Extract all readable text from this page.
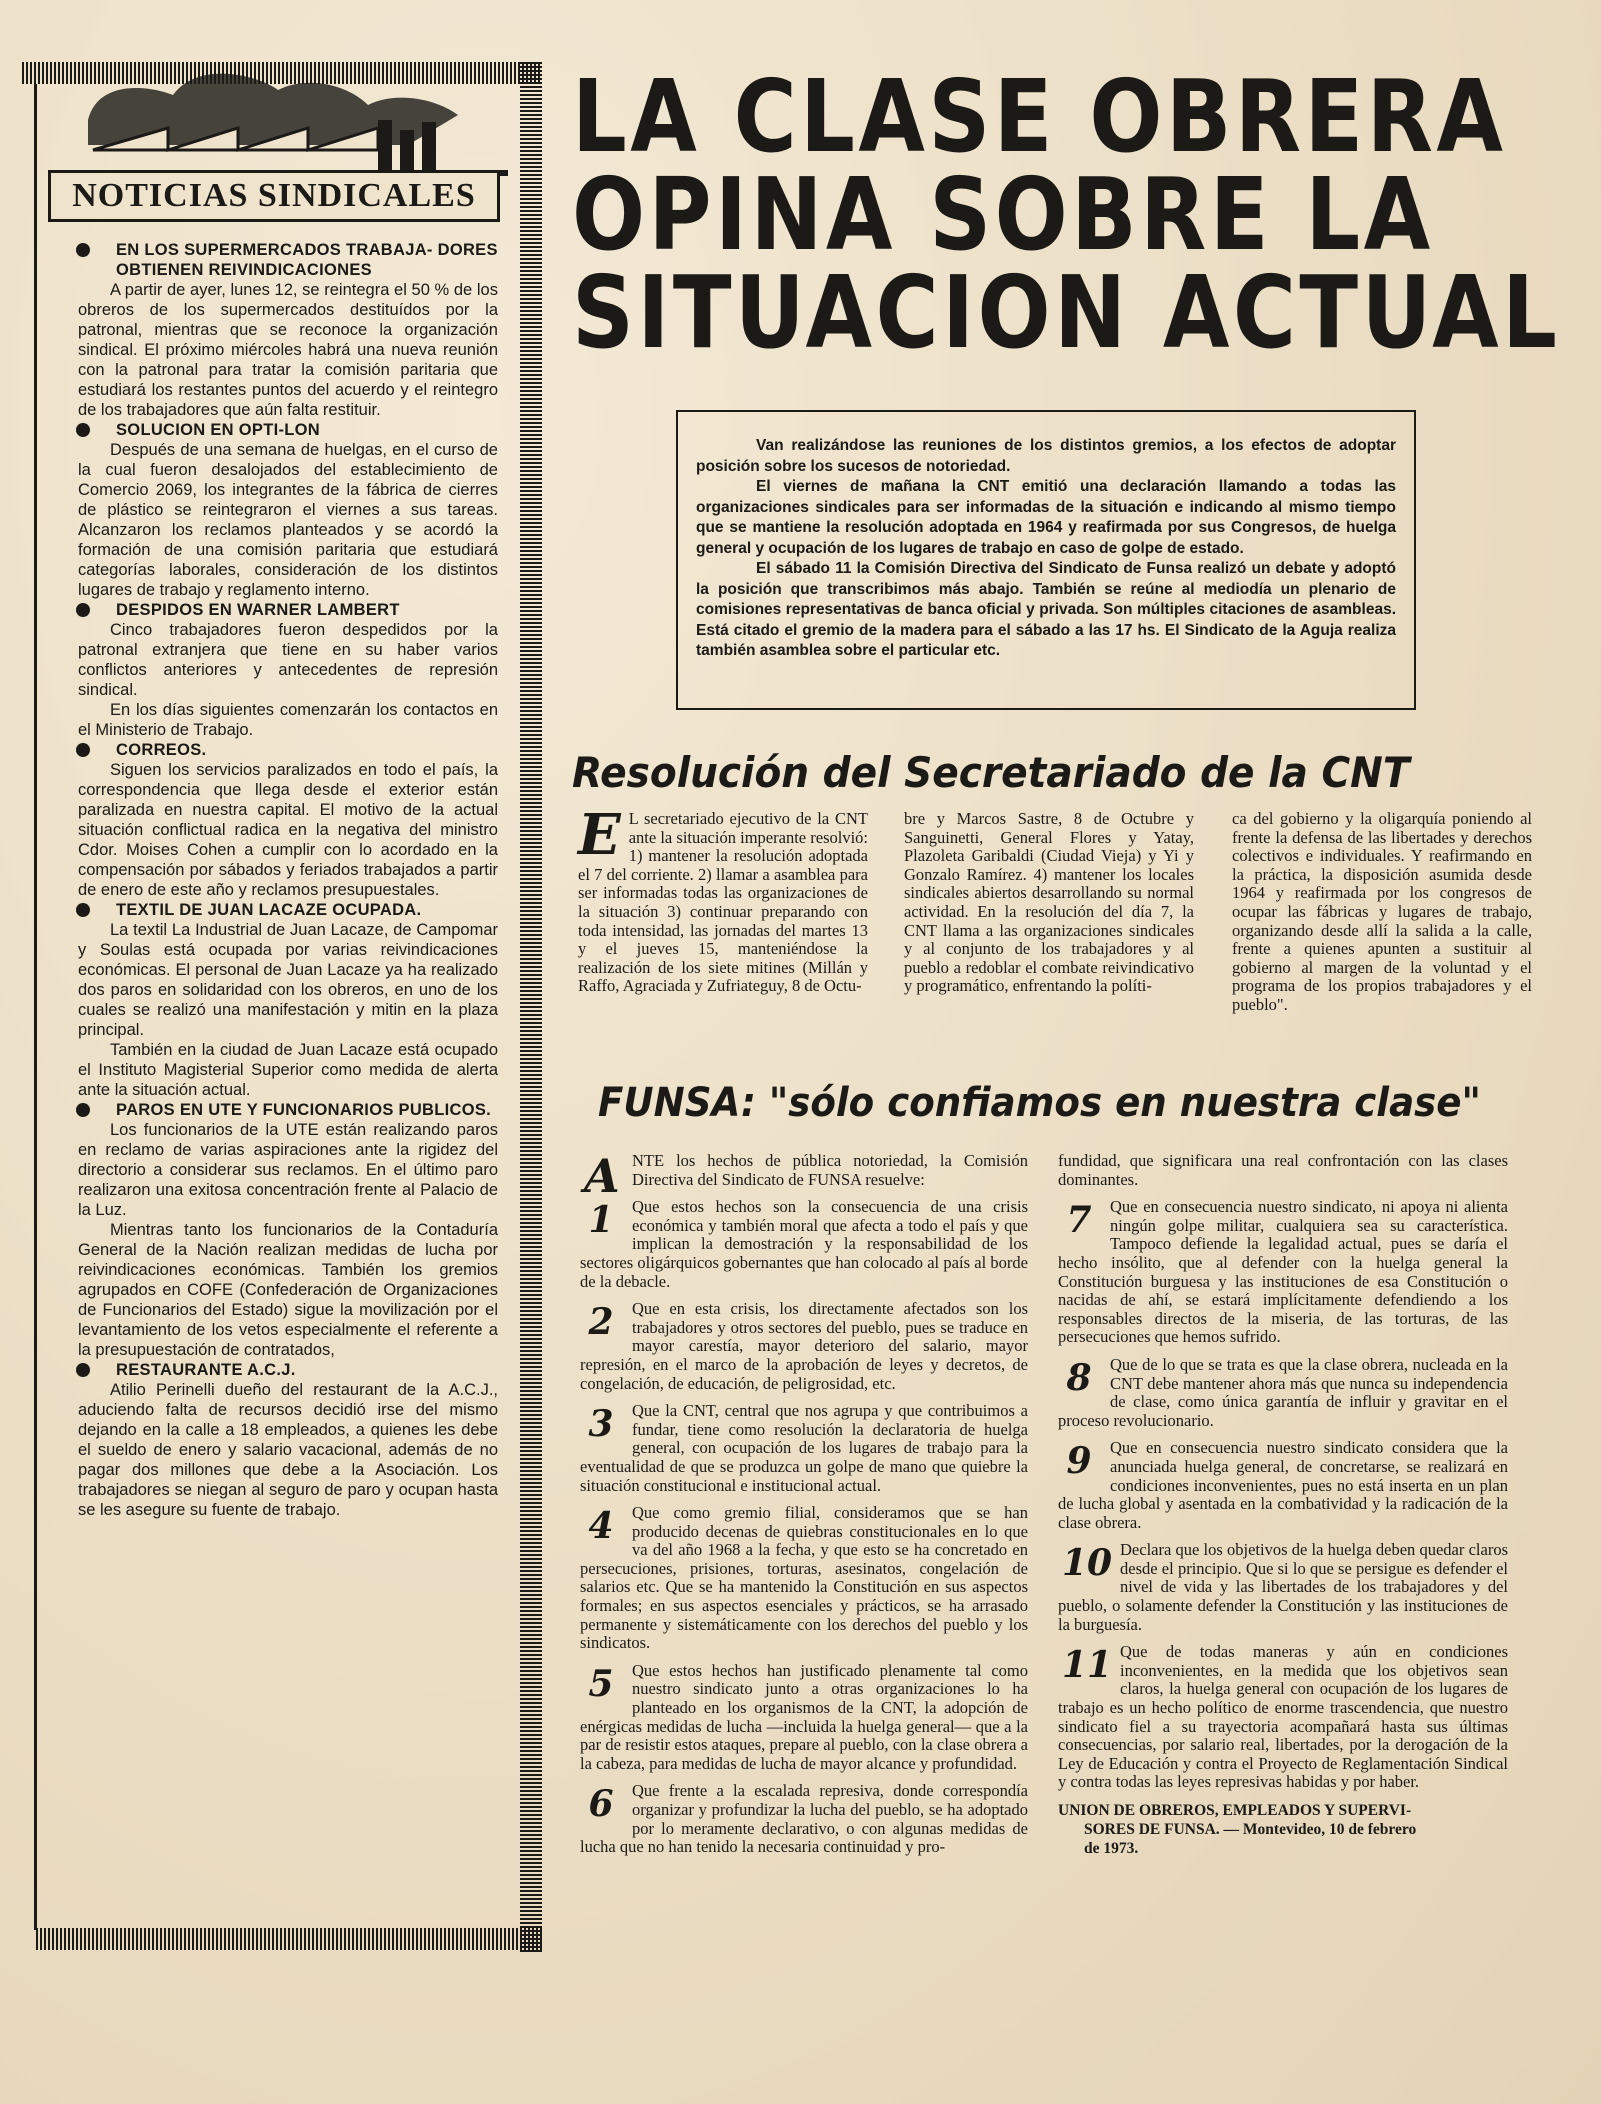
NOTICIAS SINDICALES
EN LOS SUPERMERCADOS TRABAJA- DORES OBTIENEN REIVINDICACIONES

A partir de ayer, lunes 12, se reintegra el 50 % de los obreros de los supermercados destituídos por la patronal, mientras que se reconoce la organización sindical. El próximo miércoles habrá una nueva reunión con la patronal para tratar la comisión paritaria que estudiará los restantes puntos del acuerdo y el reintegro de los trabajadores que aún falta restituir.

SOLUCION EN OPTI-LON

Después de una semana de huelgas, en el curso de la cual fueron desalojados del establecimiento de Comercio 2069, los integrantes de la fábrica de cierres de plástico se reintegraron el viernes a sus tareas. Alcanzaron los reclamos planteados y se acordó la formación de una comisión paritaria que estudiará categorías laborales, consideración de los distintos lugares de trabajo y reglamento interno.

DESPIDOS EN WARNER LAMBERT

Cinco trabajadores fueron despedidos por la patronal extranjera que tiene en su haber varios conflictos anteriores y antecedentes de represión sindical.

En los días siguientes comenzarán los contactos en el Ministerio de Trabajo.

CORREOS.

Siguen los servicios paralizados en todo el país, la correspondencia que llega desde el exterior están paralizada en nuestra capital. El motivo de la actual situación conflictual radica en la negativa del ministro Cdor. Moises Cohen a cumplir con lo acordado en la compensación por sábados y feriados trabajados a partir de enero de este año y reclamos presupuestales.

TEXTIL DE JUAN LACAZE OCUPADA.

La textil La Industrial de Juan Lacaze, de Campomar y Soulas está ocupada por varias reivindicaciones económicas. El personal de Juan Lacaze ya ha realizado dos paros en solidaridad con los obreros, en uno de los cuales se realizó una manifestación y mitin en la plaza principal.

También en la ciudad de Juan Lacaze está ocupado el Instituto Magisterial Superior como medida de alerta ante la situación actual.

PAROS EN UTE Y FUNCIONARIOS PUBLICOS.

Los funcionarios de la UTE están realizando paros en reclamo de varias aspiraciones ante la rigidez del directorio a considerar sus reclamos. En el último paro realizaron una exitosa concentración frente al Palacio de la Luz.

Mientras tanto los funcionarios de la Contaduría General de la Nación realizan medidas de lucha por reivindicaciones económicas. También los gremios agrupados en COFE (Confederación de Organizaciones de Funcionarios del Estado) sigue la movilización por el levantamiento de los vetos especialmente el referente a la presupuestación de contratados,

RESTAURANTE A.C.J.

Atilio Perinelli dueño del restaurant de la A.C.J., aduciendo falta de recursos decidió irse del mismo dejando en la calle a 18 empleados, a quienes les debe el sueldo de enero y salario vacacional, además de no pagar dos millones que debe a la Asociación. Los trabajadores se niegan al seguro de paro y ocupan hasta se les asegure su fuente de trabajo.

LA CLASE OBRERA
OPINA SOBRE LA
SITUACION ACTUAL

Van realizándose las reuniones de los distintos gremios, a los efectos de adoptar posición sobre los sucesos de notoriedad.

El viernes de mañana la CNT emitió una declaración llamando a todas las organizaciones sindicales para ser informadas de la situación e indicando al mismo tiempo que se mantiene la resolución adoptada en 1964 y reafirmada por sus Congresos, de huelga general y ocupación de los lugares de trabajo en caso de golpe de estado.

El sábado 11 la Comisión Directiva del Sindicato de Funsa realizó un debate y adoptó la posición que transcribimos más abajo. También se reúne al mediodía un plenario de comisiones representativas de banca oficial y privada. Son múltiples citaciones de asambleas. Está citado el gremio de la madera para el sábado a las 17 hs. El Sindicato de la Aguja realiza también asamblea sobre el particular etc.

Resolución del Secretariado de la CNT
E L secretariado ejecutivo de la CNT ante la situación imperante resolvió: 1) mantener la resolución adoptada el 7 del corriente. 2) llamar a asamblea para ser informadas todas las organizaciones de la situación 3) continuar preparando con toda intensidad, las jornadas del martes 13 y el jueves 15, manteniéndose la realización de los siete mitines (Millán y Raffo, Agraciada y Zufriateguy, 8 de Octu-
bre y Marcos Sastre, 8 de Octubre y Sanguinetti, General Flores y Yatay, Plazoleta Garibaldi (Ciudad Vieja) y Yi y Gonzalo Ramírez. 4) mantener los locales sindicales abiertos desarrollando su normal actividad. En la resolución del día 7, la CNT llama a las organizaciones sindicales y al conjunto de los trabajadores y al pueblo a redoblar el combate reivindicativo y programático, enfrentando la políti-
ca del gobierno y la oligarquía poniendo al frente la defensa de las libertades y derechos colectivos e individuales. Y reafirmando en la práctica, la disposición asumida desde 1964 y reafirmada por los congresos de ocupar las fábricas y lugares de trabajo, organizando desde allí la salida a la calle, frente a quienes apunten a sustituir al gobierno al margen de la voluntad y el programa de los propios trabajadores y el pueblo".
FUNSA: "sólo confiamos en nuestra clase"
A NTE los hechos de pública notoriedad, la Comisión Directiva del Sindicato de FUNSA resuelve:

1	Que estos hechos son la consecuencia de una crisis económica y también moral que afecta a todo el país y que implican la demostración y la responsabilidad de los sectores oligárquicos gobernantes que han colocado al país al borde de la debacle.

2	Que en esta crisis, los directamente afectados son los trabajadores y otros sectores del pueblo, pues se traduce en mayor carestía, mayor deterioro del salario, mayor represión, en el marco de la aprobación de leyes y decretos, de congelación, de educación, de peligrosidad, etc.

3	Que la CNT, central que nos agrupa y que contribuimos a fundar, tiene como resolución la declaratoria de huelga general, con ocupación de los lugares de trabajo para la eventualidad de que se produzca un golpe de mano que quiebre la situación constitucional e institucional actual.

4	Que como gremio filial, consideramos que se han producido decenas de quiebras constitucionales en lo que va del año 1968 a la fecha, y que esto se ha concretado en persecuciones, prisiones, torturas, asesinatos, congelación de salarios etc. Que se ha mantenido la Constitución en sus aspectos formales; en sus aspectos esenciales y prácticos, se ha arrasado permanente y sistemáticamente con los derechos del pueblo y los sindicatos.

5	Que estos hechos han justificado plenamente tal como nuestro sindicato junto a otras organizaciones lo ha planteado en los organismos de la CNT, la adopción de enérgicas medidas de lucha —incluida la huelga general— que a la par de resistir estos ataques, prepare al pueblo, con la clase obrera a la cabeza, para medidas de lucha de mayor alcance y profundidad.

6	Que frente a la escalada represiva, donde correspondía organizar y profundizar la lucha del pueblo, se ha adoptado por lo meramente declarativo, o con algunas medidas de lucha que no han tenido la necesaria continuidad y pro-

fundidad, que significara una real confrontación con las clases dominantes.

7	Que en consecuencia nuestro sindicato, ni apoya ni alienta ningún golpe militar, cualquiera sea su característica. Tampoco defiende la legalidad actual, pues se daría el hecho insólito, que al defender con la huelga general la Constitución burguesa y las instituciones de esa Constitución o nacidas de ahí, se estará implícitamente defendiendo a los responsables directos de la miseria, de las torturas, de las persecuciones que hemos sufrido.

8	Que de lo que se trata es que la clase obrera, nucleada en la CNT debe mantener ahora más que nunca su independencia de clase, como única garantía de influir y gravitar en el proceso revolucionario.

9	Que en consecuencia nuestro sindicato considera que la anunciada huelga general, de concretarse, se realizará en condiciones inconvenientes, pues no está inserta en un plan de lucha global y asentada en la combatividad y la radicación de la clase obrera.

10 Declara que los objetivos de la huelga deben quedar claros desde el principio. Que si lo que se persigue es defender el nivel de vida y las libertades de los trabajadores y del pueblo, o solamente defender la Constitución y las instituciones de la burguesía.

11 Que de todas maneras y aún en condiciones inconvenientes, en la medida que los objetivos sean claros, la huelga general con ocupación de los lugares de trabajo es un hecho político de enorme trascendencia, que nuestro sindicato fiel a su trayectoria acompañará hasta sus últimas consecuencias, por salario real, libertades, por la derogación de la Ley de Educación y contra el Proyecto de Reglamentación Sindical y contra todas las leyes represivas habidas y por haber.

UNION DE OBREROS, EMPLEADOS Y SUPERVI-
SORES DE FUNSA. — Montevideo, 10 de febrero
de 1973.
